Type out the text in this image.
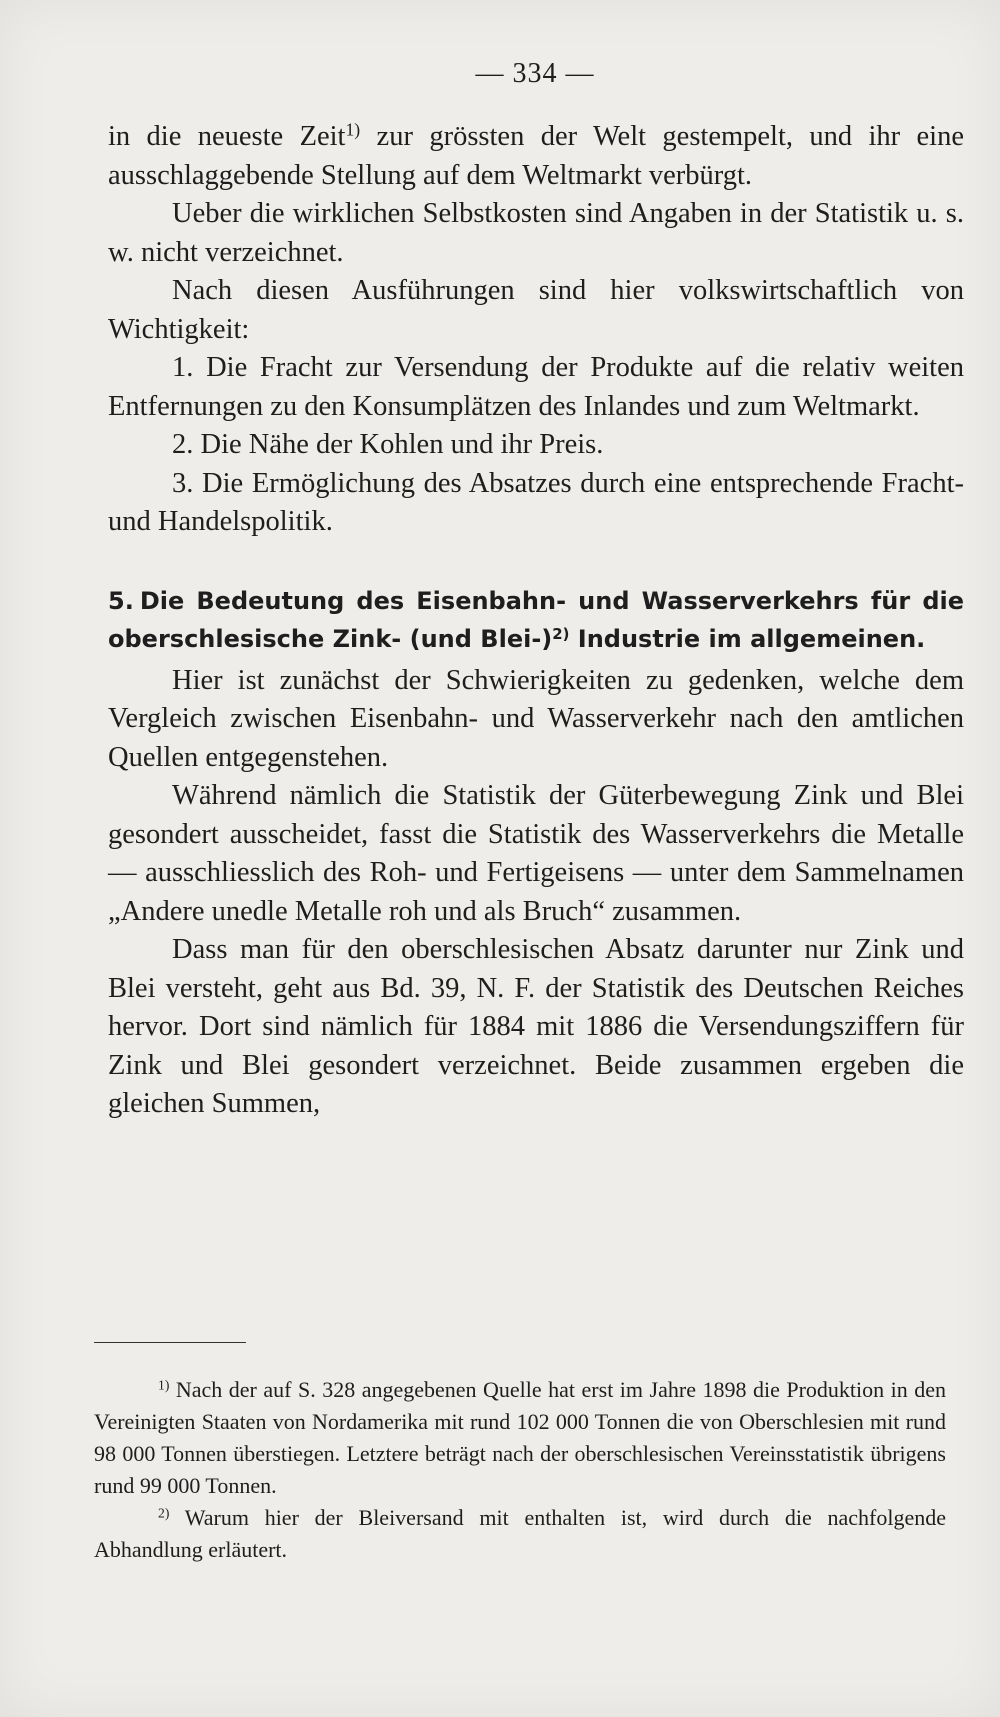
— 334 —

in die neueste Zeit$^{1)}$ zur grössten der Welt gestempelt, und ihr eine ausschlaggebende Stellung auf dem Weltmarkt verbürgt.

Ueber die wirklichen Selbstkosten sind Angaben in der Statistik u. s. w. nicht verzeichnet.

Nach diesen Ausführungen sind hier volkswirtschaftlich von Wichtigkeit:

1. Die Fracht zur Versendung der Produkte auf die relativ weiten Entfernungen zu den Konsumplätzen des Inlandes und zum Weltmarkt.

2. Die Nähe der Kohlen und ihr Preis.

3. Die Ermöglichung des Absatzes durch eine entsprechende Fracht- und Handelspolitik.

5. Die Bedeutung des Eisenbahn- und Wasserverkehrs für die oberschlesische Zink- (und Blei-)$^{2)}$ Industrie im allgemeinen.

Hier ist zunächst der Schwierigkeiten zu gedenken, welche dem Vergleich zwischen Eisenbahn- und Wasserverkehr nach den amtlichen Quellen entgegenstehen.

Während nämlich die Statistik der Güterbewegung Zink und Blei gesondert ausscheidet, fasst die Statistik des Wasserverkehrs die Metalle — ausschliesslich des Roh- und Fertigeisens — unter dem Sammelnamen „Andere unedle Metalle roh und als Bruch“ zusammen.

Dass man für den oberschlesischen Absatz darunter nur Zink und Blei versteht, geht aus Bd. 39, N. F. der Statistik des Deutschen Reiches hervor. Dort sind nämlich für 1884 mit 1886 die Versendungsziffern für Zink und Blei gesondert verzeichnet. Beide zusammen ergeben die gleichen Summen,

$^{1)}$ Nach der auf S. 328 angegebenen Quelle hat erst im Jahre 1898 die Produktion in den Vereinigten Staaten von Nordamerika mit rund 102 000 Tonnen die von Oberschlesien mit rund 98 000 Tonnen überstiegen. Letztere beträgt nach der oberschlesischen Vereinsstatistik übrigens rund 99 000 Tonnen.

$^{2)}$ Warum hier der Bleiversand mit enthalten ist, wird durch die nachfolgende Abhandlung erläutert.
